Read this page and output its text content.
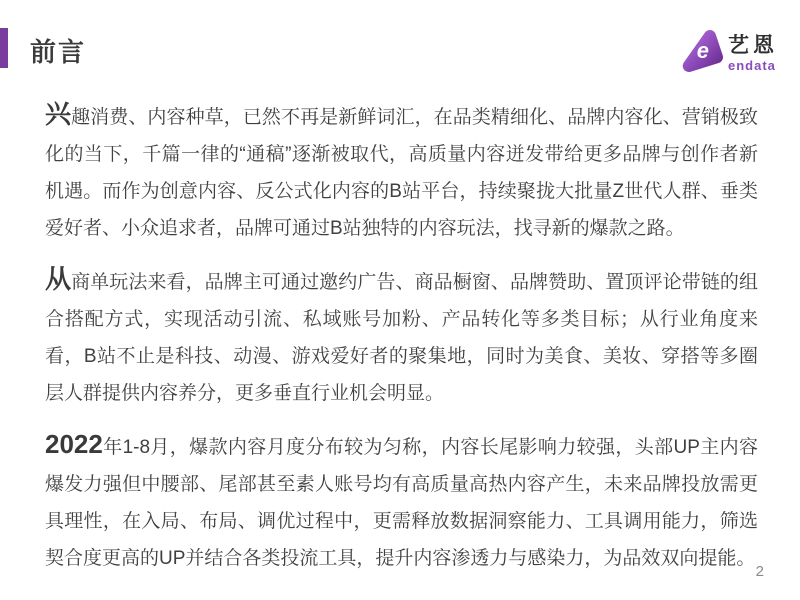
前言	e 艺恩
endata

兴趣消费、内容种草，已然不再是新鲜词汇，在品类精细化、品牌内容化、营销极致化的当下，千篇一律的“通稿”逐渐被取代，高质量内容迸发带给更多品牌与创作者新机遇。而作为创意内容、反公式化内容的B站平台，持续聚拢大批量Z世代人群、垂类爱好者、小众追求者，品牌可通过B站独特的内容玩法，找寻新的爆款之路。

从商单玩法来看，品牌主可通过邀约广告、商品橱窗、品牌赞助、置顶评论带链的组合搭配方式，实现活动引流、私域账号加粉、产品转化等多类目标；从行业角度来看，B站不止是科技、动漫、游戏爱好者的聚集地，同时为美食、美妆、穿搭等多圈层人群提供内容养分，更多垂直行业机会明显。

2022年1-8月，爆款内容月度分布较为匀称，内容长尾影响力较强，头部UP主内容爆发力强但中腰部、尾部甚至素人账号均有高质量高热内容产生，未来品牌投放需更具理性，在入局、布局、调优过程中，更需释放数据洞察能力、工具调用能力，筛选契合度更高的UP并结合各类投流工具，提升内容渗透力与感染力，为品效双向提能。

2
